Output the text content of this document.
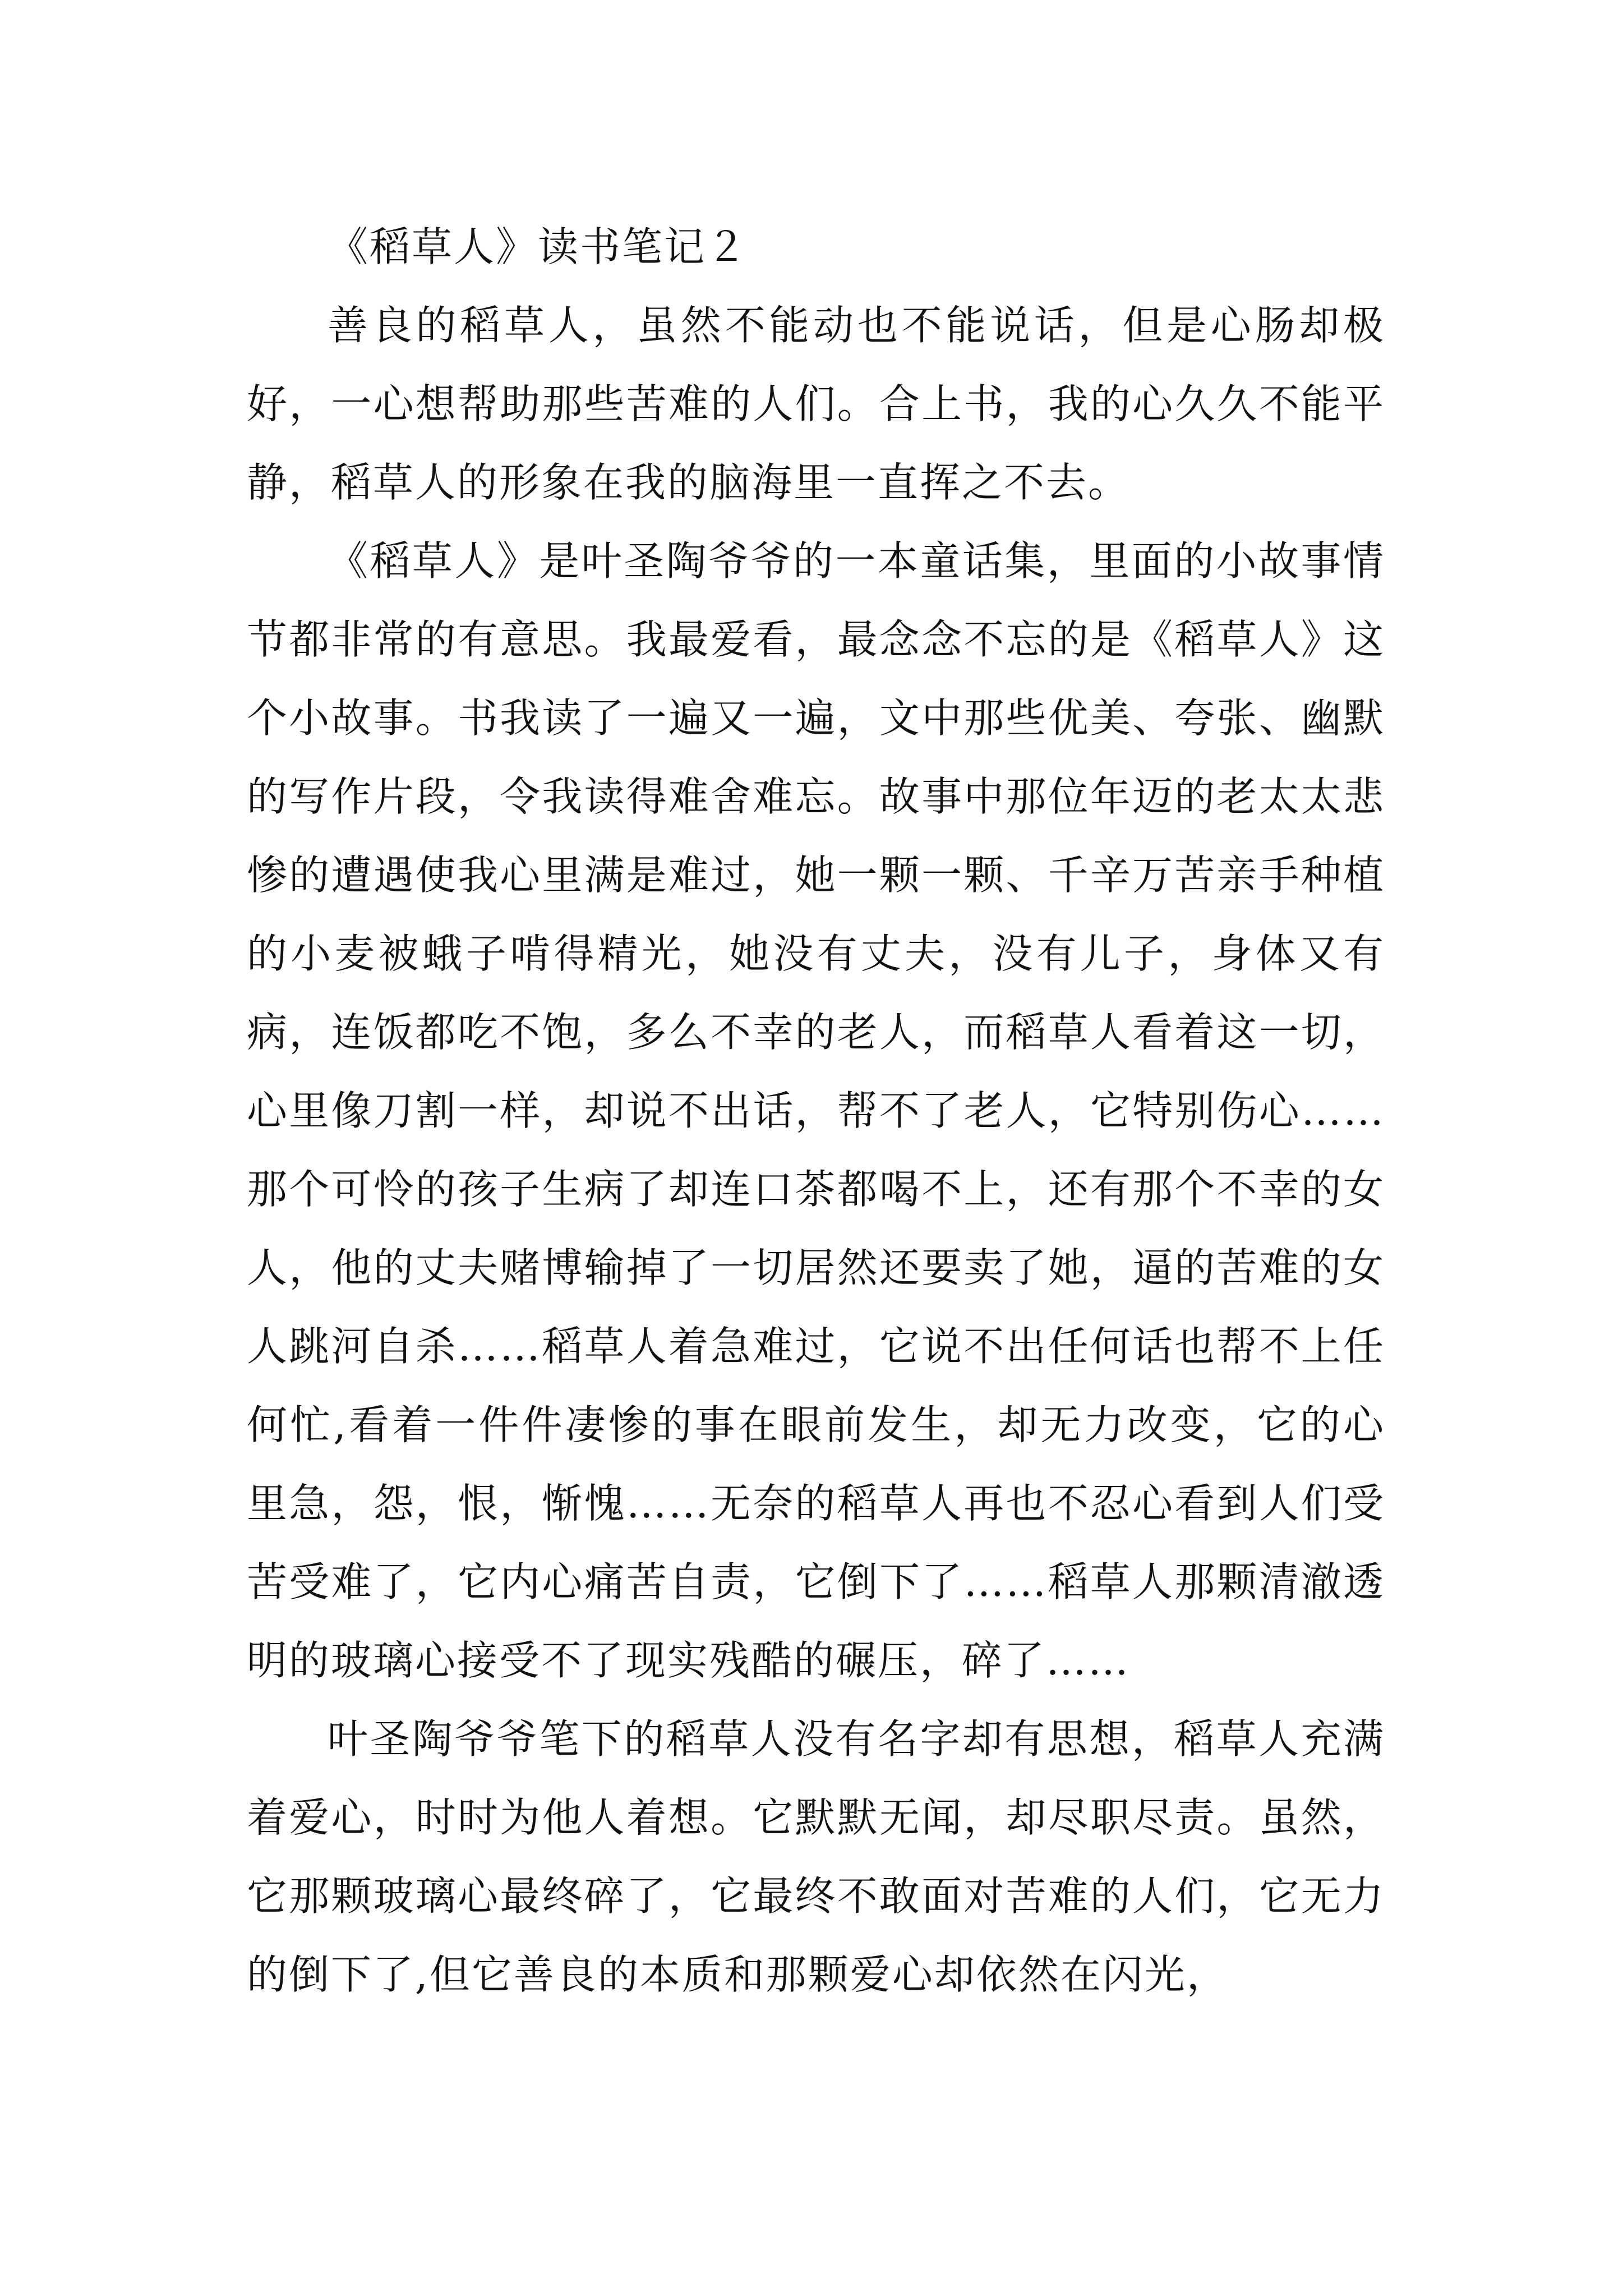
《稻草人》读书笔记２

善良的稻草人，虽然不能动也不能说话，但是心肠却极好，一心想帮助那些苦难的人们。合上书，我的心久久不能平静，稻草人的形象在我的脑海里一直挥之不去。

《稻草人》是叶圣陶爷爷的一本童话集，里面的小故事情节都非常的有意思。我最爱看，最念念不忘的是《稻草人》这个小故事。书我读了一遍又一遍，文中那些优美、夸张、幽默的写作片段，令我读得难舍难忘。故事中那位年迈的老太太悲惨的遭遇使我心里满是难过，她一颗一颗、千辛万苦亲手种植的小麦被蛾子啃得精光，她没有丈夫，没有儿子，身体又有病，连饭都吃不饱，多么不幸的老人，而稻草人看着这一切，心里像刀割一样，却说不出话，帮不了老人，它特别伤心……那个可怜的孩子生病了却连口茶都喝不上，还有那个不幸的女人，他的丈夫赌博输掉了一切居然还要卖了她，逼的苦难的女人跳河自杀……稻草人着急难过，它说不出任何话也帮不上任何忙,看着一件件凄惨的事在眼前发生，却无力改变，它的心里急，怨，恨，惭愧……无奈的稻草人再也不忍心看到人们受苦受难了，它内心痛苦自责，它倒下了……稻草人那颗清澈透明的玻璃心接受不了现实残酷的碾压，碎了……

叶圣陶爷爷笔下的稻草人没有名字却有思想，稻草人充满着爱心，时时为他人着想。它默默无闻，却尽职尽责。虽然，它那颗玻璃心最终碎了，它最终不敢面对苦难的人们，它无力的倒下了,但它善良的本质和那颗爱心却依然在闪光，
